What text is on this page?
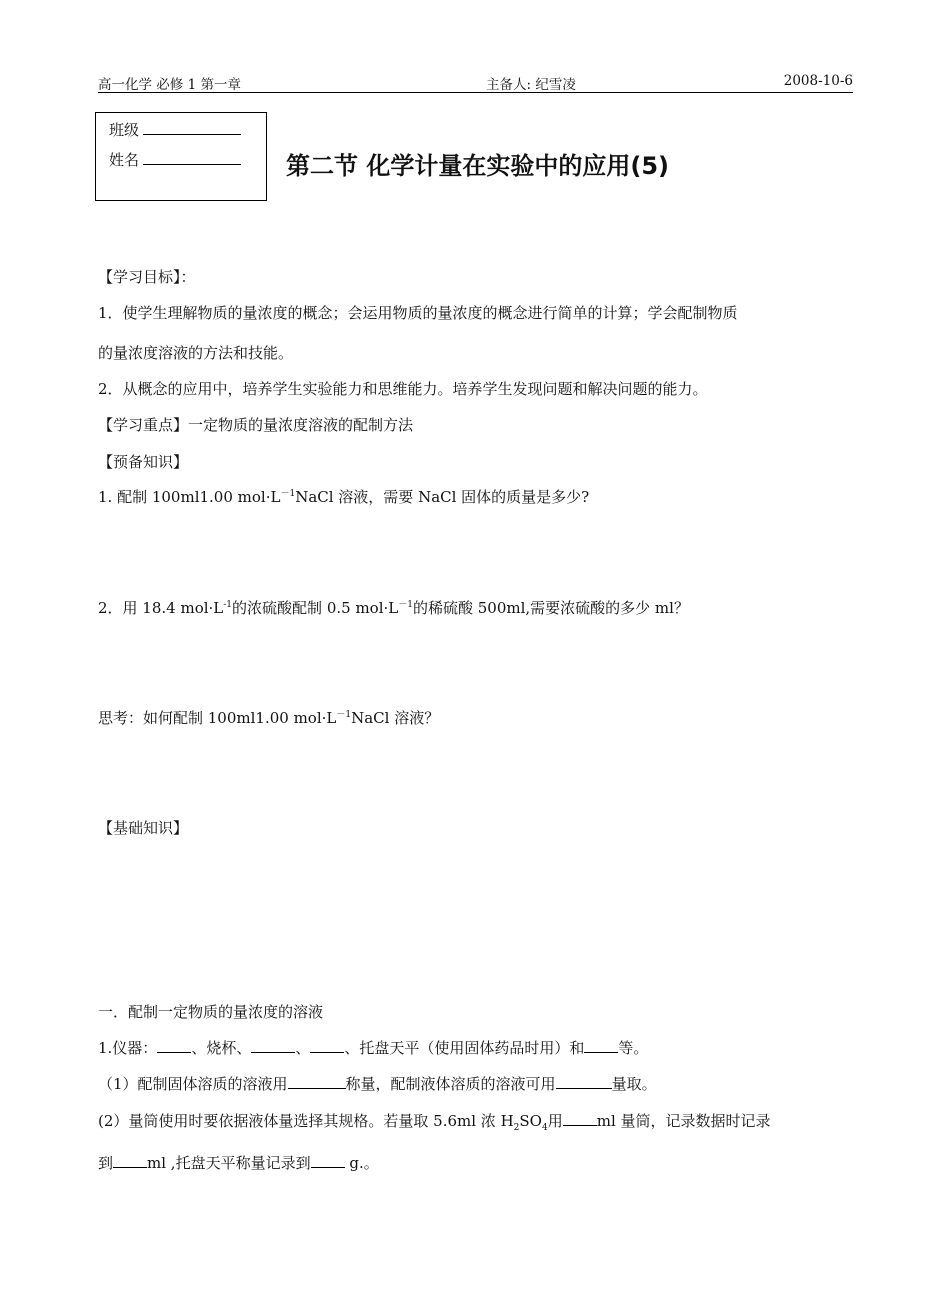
高一化学 必修 1 第一章	主备人: 纪雪凌	2008-10-6
班级
姓名	第二节 化学计量在实验中的应用(5)
【学习目标】：
1．使学生理解物质的量浓度的概念；会运用物质的量浓度的概念进行简单的计算；学会配制物质
的量浓度溶液的方法和技能。
2．从概念的应用中，培养学生实验能力和思维能力。培养学生发现问题和解决问题的能力。
【学习重点】一定物质的量浓度溶液的配制方法
【预备知识】
1. 配制 100ml1.00 $mol\cdot L^{-1}NaCl$ 溶液，需要 NaCl 固体的质量是多少?
2．用 18.4 $mol\cdot L^{-1}$的浓硫酸配制 0.5 $mol\cdot L^{-1}$的稀硫酸 500ml,需要浓硫酸的多少 ml？
思考：如何配制 100ml1.00 $mol\cdot L^{-1}NaCl$ 溶液？
【基础知识】
一．配制一定物质的量浓度的溶液
1.仪器： 、烧杯、	、 、托盘天平（使用固体药品时用）和 等。
（1）配制固体溶质的溶液用	称量，配制液体溶质的溶液可用	量取。
(2）量筒使用时要依据液体量选择其规格。若量取 5.6ml 浓 $H_2SO_4$用 ml 量筒，记录数据时记录
到 ml ,托盘天平称量记录到 g.。
